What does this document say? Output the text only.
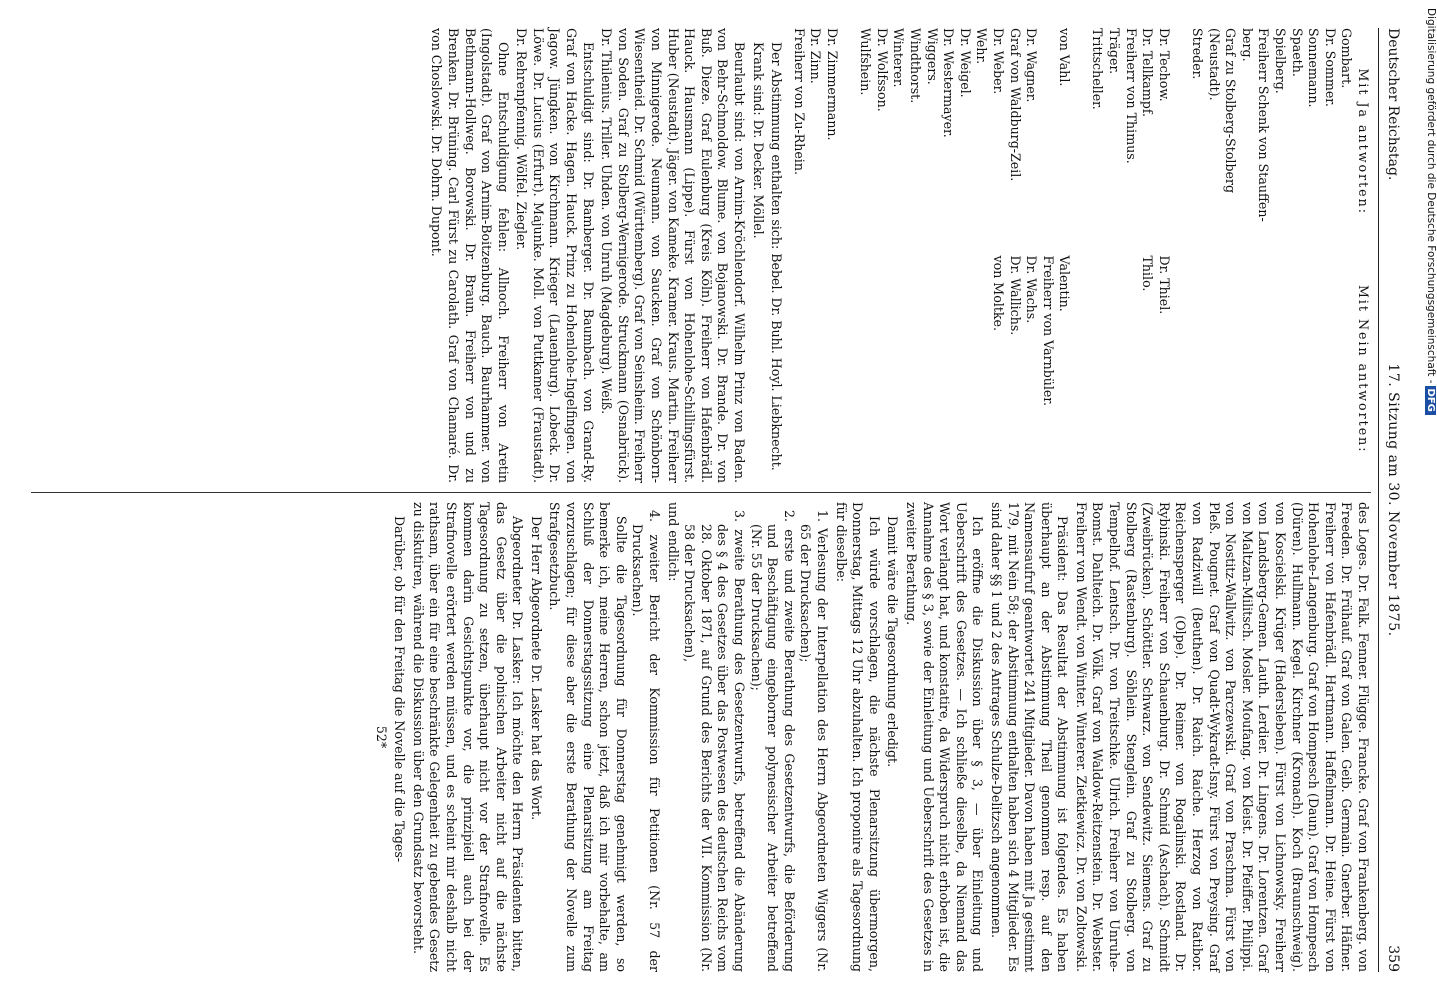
Deutscher Reichstag.
17. Sitzung am 30. November 1875.
359
Mit Ja antworten:
Gombart.
Dr. Sommer.
Sonnemann.
Spaeth.
Spielberg.
Freiherr Schenk von Stauffen-
berg.
Graf zu Stolberg-Stolberg
(Neustadt).
Streder.
Dr. Techow.
Dr. Tellkampf.
Freiherr von Thimus.
Träger.
Trittscheller.
von Vahl.
Dr. Wagner.
Graf von Waldburg-Zeil.
Dr. Weber.
Wehr.
Dr. Weigel.
Dr. Westermayer.
Wiggers.
Windthorst.
Winterer.
Dr. Wolfsson.
Wulfshein.
Dr. Zimmermann.
Dr. Zinn.
Freiherr von Zu-Rhein.
Mit Nein antworten:
Dr. Thiel.
Thilo.
Valentin.
Freiherr von Varnbüler.
Dr. Wachs.
Dr. Wallichs.
von Moltke.

Der Abstimmung enthalten sich: Bebel. Dr. Buhl. Hoyl. Liebknecht.

Krank sind: Dr. Decker. Möllel.

Beurlaubt sind: von Arnim-Kröchlendorf. Wilhelm Prinz von Baden. von Behr-Schmoldow. Blume. von Bojanowski. Dr. Brande. Dr. von Buß. Dieze. Graf Eulenburg (Kreis Köln). Freiherr von Hafenbrädl. Hauck. Hausmann (Lippe). Fürst von Hohenlohe-Schillingsfürst. Huber (Neustadt). Jäger. von Kameke. Kramer. Kraus. Martin. Freiherr von Minnigerode. Neumann. von Saucken. Graf von Schönborn-Wiesentheid. Dr. Schmid (Württemberg). Graf von Seinsheim. Freiherr von Soden. Graf zu Stolberg-Wernigerode. Struckmann (Osnabrück). Dr. Thilenius. Triller. Uhden. von Unruh (Magdeburg). Weiß.

Entschuldigt sind: Dr. Bamberger. Dr. Baumbach. von Grand-Ry. Graf von Hacke. Hagen. Hauck. Prinz zu Hohenlohe-Ingelfingen. von Jagow. Jüngken. von Kirchmann. Krieger (Lauenburg). Lobeck. Dr. Löwe. Dr. Lucius (Erfurt). Majunke. Moll. von Puttkamer (Fraustadt). Dr. Rehrenpfennig. Wölfel. Ziegler.

Ohne Entschuldigung fehlen: Allnoch. Freiherr von Aretin (Ingolstadt). Graf von Arnim-Boitzenburg. Bauch. Baurhammer. von Bethmann-Hollweg. Borowski. Dr. Braun. Freiherr von und zu Brenken. Dr. Brüning. Carl Fürst zu Carolath. Graf von Chamaré. Dr. von Choslowski. Dr. Dohrn. Dupont.

des Loges. Dr. Falk. Fenner. Flügge. Francke. Graf von Frankenberg. von Freeden. Dr. Frühauf. Graf von Galen. Geib. Germain. Gnerber. Häfner. Freiherr von Hafenbrädl. Hartmann. Haffelmann. Dr. Heine. Fürst von Hohenlohe-Langenburg. Graf von Hompesch (Daun). Graf von Hompesch (Düren). Hullmann. Kegel. Kirchner (Kronach). Koch (Braunschweig). von Koscielski. Krüger (Hadersleben). Fürst von Lichnowsky. Freiherr von Landsberg-Gemen. Lauth. Lerdier. Dr. Lingens. Dr. Lorentzen. Graf von Maltzan-Militsch. Mosler. Moufang. von Kleist. Dr. Pfeiffer. Philippi. von Nostitz-Wallwitz. von Parczewski. Graf von Praschma. Fürst von Pleß. Pougnet. Graf von Quadt-Wykradt-Isny. Fürst von Preysing. Graf von Radziwill (Beuthen). Dr. Raich. Raiche. Herzog von Ratibor. Reichensperger (Olpe). Dr. Reimer. von Rogalinski. Rostland. Dr. Rybinski. Freiherr von Schauenburg. Dr. Schmid (Aschach). Schmidt (Zweibrücken). Schöttler. Schwarz. von Sendewitz. Siemens. Graf zu Stolberg (Rastenburg). Söhlein. Stenglein. Graf zu Stolberg. von Tempelhof. Lentsch. Dr. von Treitschke. Ulrich. Freiherr von Unruhe-Bomst. Dahlteich. Dr. Völk. Graf von Waldow-Reitzenstein. Dr. Webster. Freiherr von Wendt. von Winter. Winterer. Zietkiewicz. Dr. von Zoltowski.

Präsident: Das Resultat der Abstimmung ist folgendes. Es haben überhaupt an der Abstimmung Theil genommen resp. auf den Namensaufruf geantwortet 241 Mitglieder. Davon haben mit Ja gestimmt 179, mit Nein 58; der Abstimmung enthalten haben sich 4 Mitglieder. Es sind daher §§ 1 und 2 des Antrages Schulze-Delitzsch angenommen.

Ich eröffne die Diskussion über § 3, — über Einleitung und Ueberschrift des Gesetzes. — Ich schließe dieselbe, da Niemand das Wort verlangt hat, und konstatire, da Widerspruch nicht erhoben ist, die Annahme des § 3, sowie der Einleitung und Ueberschrift des Gesetzes in zweiter Berathung.

Damit wäre die Tagesordnung erledigt.

Ich würde vorschlagen, die nächste Plenarsitzung übermorgen, Donnerstag, Mittags 12 Uhr abzuhalten. Ich proponire als Tagesordnung für dieselbe:

1. Verlesung der Interpellation des Herrn Abgeordneten Wiggers (Nr. 65 der Drucksachen);

2. erste und zweite Berathung des Gesetzentwurfs, die Beförderung und Beschäftigung eingeborner polynesischer Arbeiter betreffend (Nr. 55 der Drucksachen);

3. zweite Berathung des Gesetzentwurfs, betreffend die Abänderung des § 4 des Gesetzes über das Postwesen des deutschen Reichs vom 28. Oktober 1871, auf Grund des Berichts der VII. Kommission (Nr. 58 der Drucksachen),

und endlich:

4. zweiter Bericht der Kommission für Petitionen (Nr. 57 der Drucksachen).

Sollte die Tagesordnung für Donnerstag genehmigt werden, so bemerke ich, meine Herren, schon jetzt, daß ich mir vorbehalte, am Schluß der Donnerstagssitzung eine Plenarsitzung am Freitag vorzuschlagen; für diese aber die erste Berathung der Novelle zum Strafgesetzbuch.

Der Herr Abgeordnete Dr. Lasker hat das Wort.

Abgeordneter Dr. Lasker: Ich möchte den Herrn Präsidenten bitten, das Gesetz über die polnischen Arbeiter nicht auf die nächste Tagesordnung zu setzen, überhaupt nicht vor der Strafnovelle. Es kommen darin Gesichtspunkte vor, die prinzipiell auch bei der Strafnovelle erörtert werden müssen, und es scheint mir deshalb nicht rathsam, über ein für eine beschränkte Gelegenheit zu gebendes Gesetz zu diskutiren, während die Diskussion über den Grundsatz bevorsteht.

Darüber, ob für den Freitag die Novelle auf die Tages-

52*
Digitalisierung gefördert durch die Deutsche Forschungsgemeinschaft -DFG
